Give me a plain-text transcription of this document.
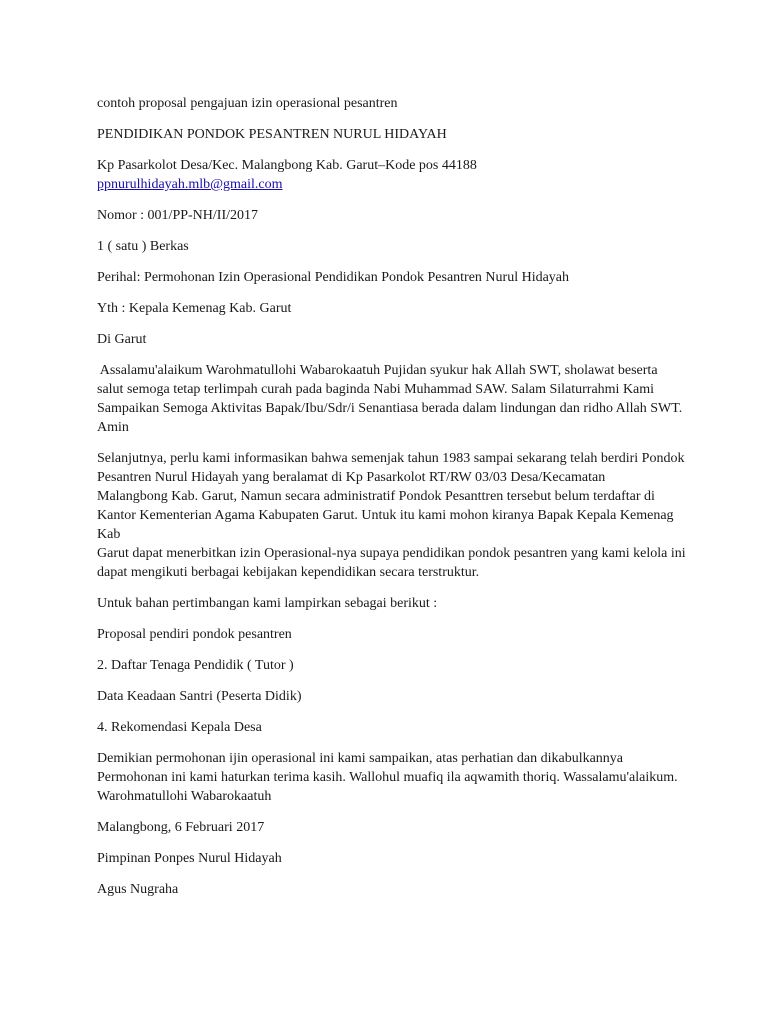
contoh proposal pengajuan izin operasional pesantren

PENDIDIKAN PONDOK PESANTREN NURUL HIDAYAH

Kp Pasarkolot Desa/Kec. Malangbong Kab. Garut–Kode pos 44188

ppnurulhidayah.mlb@gmail.com

Nomor : 001/PP-NH/II/2017

1 ( satu ) Berkas

Perihal: Permohonan Izin Operasional Pendidikan Pondok Pesantren Nurul Hidayah

Yth : Kepala Kemenag Kab. Garut

Di Garut

Assalamu'alaikum Warohmatullohi Wabarokaatuh Pujidan syukur hak Allah SWT, sholawat beserta
salut semoga tetap terlimpah curah pada baginda Nabi Muhammad SAW. Salam Silaturrahmi Kami
Sampaikan Semoga Aktivitas Bapak/Ibu/Sdr/i Senantiasa berada dalam lindungan dan ridho Allah SWT.
Amin
Selanjutnya, perlu kami informasikan bahwa semenjak tahun 1983 sampai sekarang telah berdiri Pondok
Pesantren Nurul Hidayah yang beralamat di Kp Pasarkolot RT/RW 03/03 Desa/Kecamatan
Malangbong Kab. Garut, Namun secara administratif Pondok Pesanttren tersebut belum terdaftar di
Kantor Kementerian Agama Kabupaten Garut. Untuk itu kami mohon kiranya Bapak Kepala Kemenag Kab
Garut dapat menerbitkan izin Operasional-nya supaya pendidikan pondok pesantren yang kami kelola ini
dapat mengikuti berbagai kebijakan kependidikan secara terstruktur.

Untuk bahan pertimbangan kami lampirkan sebagai berikut :

Proposal pendiri pondok pesantren

2. Daftar Tenaga Pendidik ( Tutor )

Data Keadaan Santri (Peserta Didik)

4. Rekomendasi Kepala Desa

Demikian permohonan ijin operasional ini kami sampaikan, atas perhatian dan dikabulkannya
Permohonan ini kami haturkan terima kasih. Wallohul muafiq ila aqwamith thoriq. Wassalamu'alaikum.
Warohmatullohi Wabarokaatuh

Malangbong, 6 Februari 2017

Pimpinan Ponpes Nurul Hidayah

Agus Nugraha
